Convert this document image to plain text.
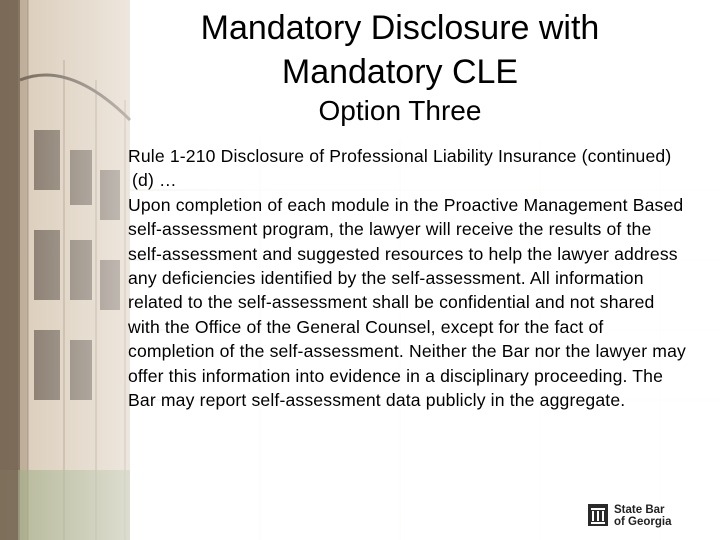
Mandatory Disclosure with
Mandatory CLE
Option Three

Rule 1-210 Disclosure of Professional Liability Insurance (continued)

(d) …

Upon completion of each module in the Proactive Management Based self-assessment program, the lawyer will receive the results of the self-assessment and suggested resources to help the lawyer address any deficiencies identified by the self-assessment. All information related to the self-assessment shall be confidential and not shared with the Office of the General Counsel, except for the fact of completion of the self-assessment. Neither the Bar nor the lawyer may offer this information into evidence in a disciplinary proceeding. The Bar may report self-assessment data publicly in the aggregate.

State Bar
of Georgia
